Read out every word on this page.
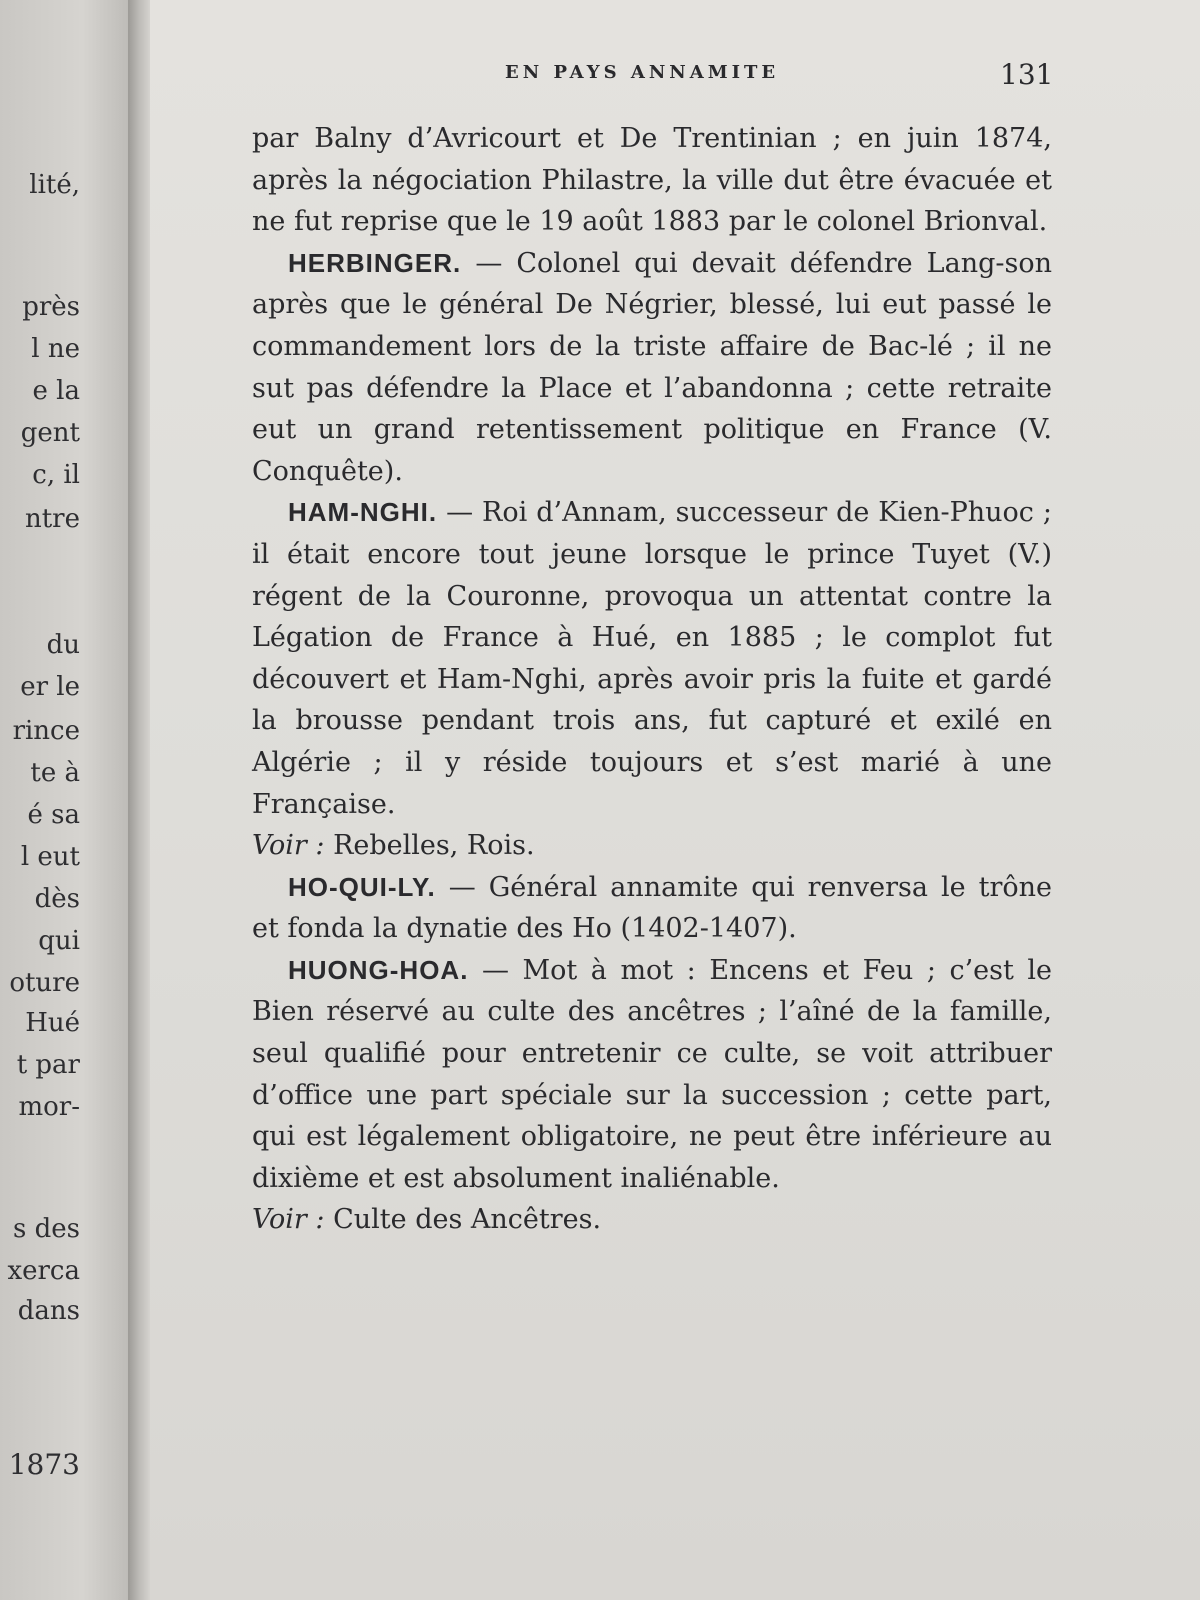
lité,
près
l ne
e la
gent
c, il
ntre
du
er le
rince
te à
é sa
l eut
dès
qui
oture
Hué
t par
mor-
s des
xerca
dans
1873
EN PAYS ANNAMITE	131

par Balny d’Avricourt et De Trentinian ; en juin 1874, après la négociation Philastre, la ville dut être évacuée et ne fut reprise que le 19 août 1883 par le colonel Brionval.

HERBINGER. — Colonel qui devait défendre Lang-son après que le général De Négrier, blessé, lui eut passé le commandement lors de la triste affaire de Bac-lé ; il ne sut pas défendre la Place et l’abandonna ; cette retraite eut un grand retentissement politique en France (V. Conquête).

HAM-NGHI. — Roi d’Annam, successeur de Kien-Phuoc ; il était encore tout jeune lorsque le prince Tuyet (V.) régent de la Couronne, provoqua un attentat contre la Légation de France à Hué, en 1885 ; le complot fut découvert et Ham-Nghi, après avoir pris la fuite et gardé la brousse pendant trois ans, fut capturé et exilé en Algérie ; il y réside toujours et s’est marié à une Française.

Voir : Rebelles, Rois.

HO-QUI-LY. — Général annamite qui renversa le trône et fonda la dynatie des Ho (1402-1407).

HUONG-HOA. — Mot à mot : Encens et Feu ; c’est le Bien réservé au culte des ancêtres ; l’aîné de la famille, seul qualifié pour entretenir ce culte, se voit attribuer d’office une part spéciale sur la succession ; cette part, qui est légalement obligatoire, ne peut être inférieure au dixième et est absolument inaliénable.

Voir : Culte des Ancêtres.
